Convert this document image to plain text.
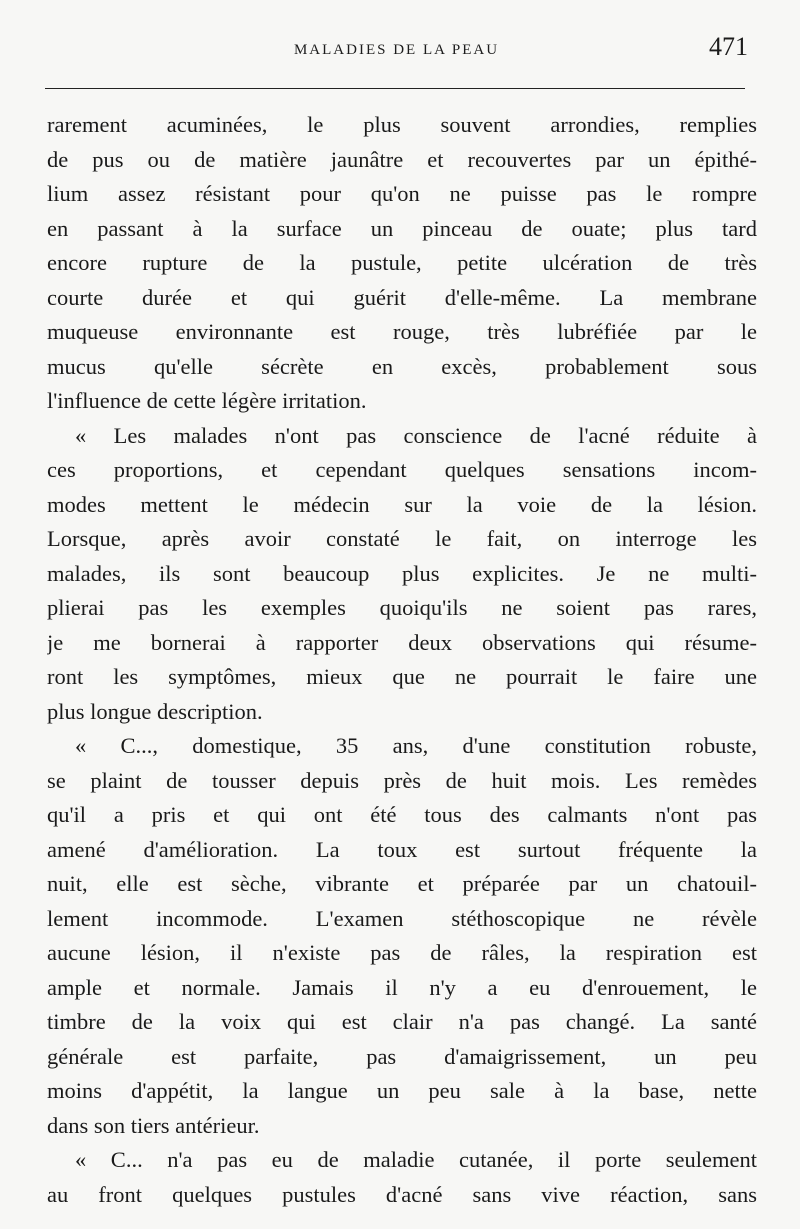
MALADIES DE LA PEAU	471
rarement acuminées, le plus souvent arrondies, remplies
de pus ou de matière jaunâtre et recouvertes par un épithé-
lium assez résistant pour qu'on ne puisse pas le rompre
en passant à la surface un pinceau de ouate; plus tard
encore rupture de la pustule, petite ulcération de très
courte durée et qui guérit d'elle-même. La membrane
muqueuse environnante est rouge, très lubréfiée par le
mucus qu'elle sécrète en excès, probablement sous
l'influence de cette légère irritation.
« Les malades n'ont pas conscience de l'acné réduite à
ces proportions, et cependant quelques sensations incom-
modes mettent le médecin sur la voie de la lésion.
Lorsque, après avoir constaté le fait, on interroge les
malades, ils sont beaucoup plus explicites. Je ne multi-
plierai pas les exemples quoiqu'ils ne soient pas rares,
je me bornerai à rapporter deux observations qui résume-
ront les symptômes, mieux que ne pourrait le faire une
plus longue description.
« C..., domestique, 35 ans, d'une constitution robuste,
se plaint de tousser depuis près de huit mois. Les remèdes
qu'il a pris et qui ont été tous des calmants n'ont pas
amené d'amélioration. La toux est surtout fréquente la
nuit, elle est sèche, vibrante et préparée par un chatouil-
lement incommode. L'examen stéthoscopique ne révèle
aucune lésion, il n'existe pas de râles, la respiration est
ample et normale. Jamais il n'y a eu d'enrouement, le
timbre de la voix qui est clair n'a pas changé. La santé
générale est parfaite, pas d'amaigrissement, un peu
moins d'appétit, la langue un peu sale à la base, nette
dans son tiers antérieur.
« C... n'a pas eu de maladie cutanée, il porte seulement
au front quelques pustules d'acné sans vive réaction, sans
